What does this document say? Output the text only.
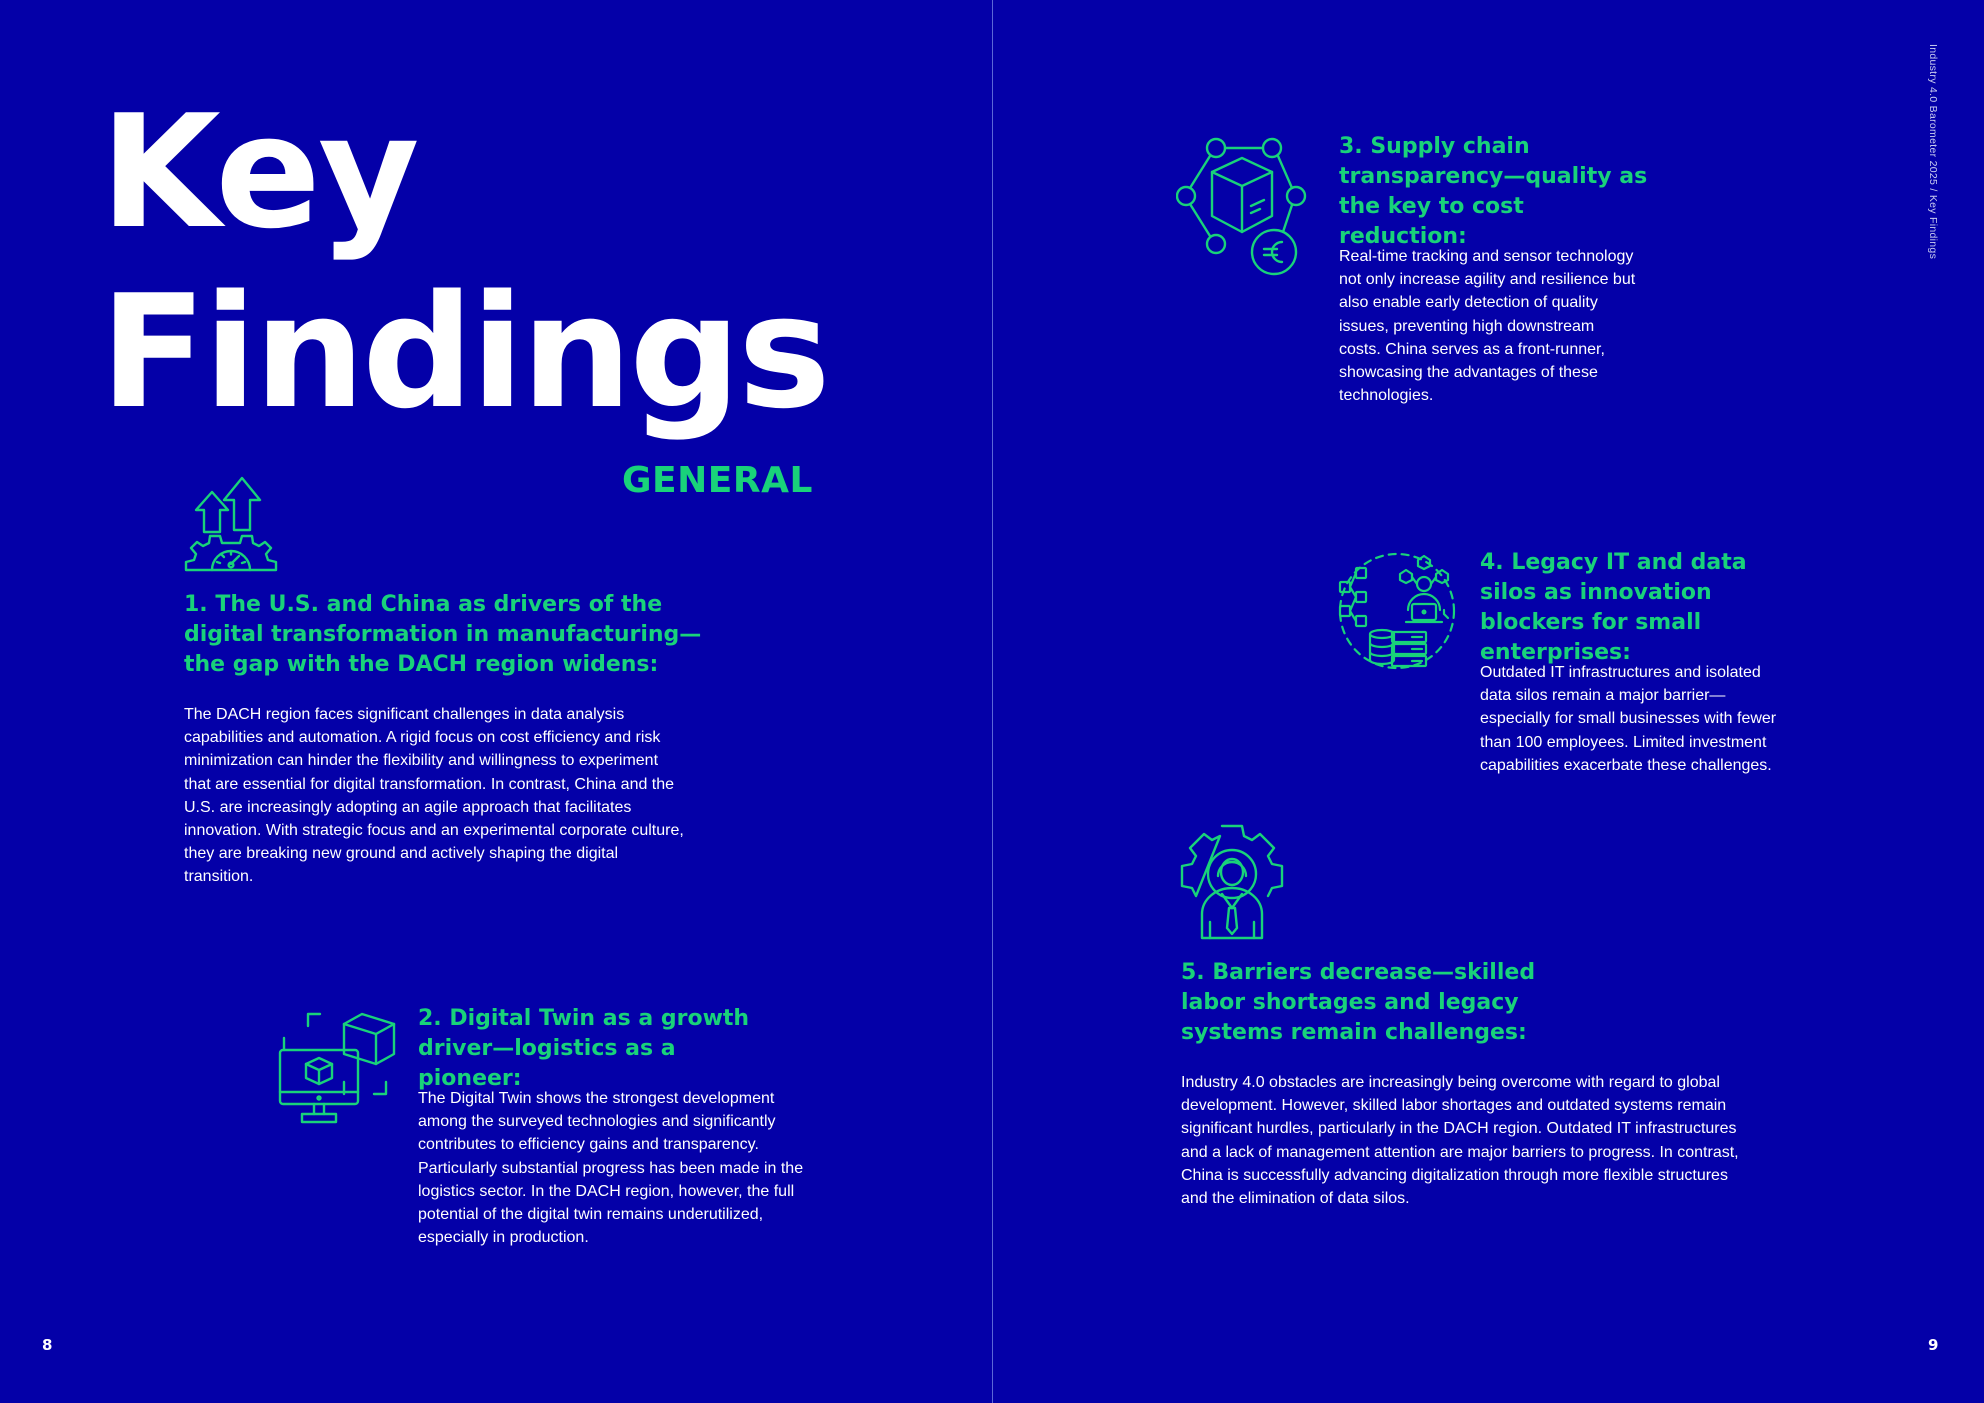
Key
Findings
GENERAL

1. The U.S. and China as drivers of the digital transformation in manufacturing—the gap with the DACH region widens:

The DACH region faces significant challenges in data analysis capabilities and automation. A rigid focus on cost efficiency and risk minimization can hinder the flexibility and willingness to experiment that are essential for digital transformation. In contrast, China and the U.S. are increasingly adopting an agile approach that facilitates innovation. With strategic focus and an experimental corporate culture, they are breaking new ground and actively shaping the digital transition.

2. Digital Twin as a growth driver—logistics as a pioneer:

The Digital Twin shows the strongest development among the surveyed technologies and significantly contributes to efficiency gains and transparency. Particularly substantial progress has been made in the logistics sector. In the DACH region, however, the full potential of the digital twin remains underutilized, especially in production.

8
Industry 4.0 Barometer 2025 / Key Findings

3. Supply chain transparency—quality as the key to cost reduction:

Real-time tracking and sensor technology not only increase agility and resilience but also enable early detection of quality issues, preventing high downstream costs. China serves as a front-runner, showcasing the advantages of these technologies.

4. Legacy IT and data silos as innovation blockers for small enterprises:

Outdated IT infrastructures and isolated data silos remain a major barrier—especially for small businesses with fewer than 100 employees. Limited investment capabilities exacerbate these challenges.

5. Barriers decrease—skilled labor shortages and legacy systems remain challenges:

Industry 4.0 obstacles are increasingly being overcome with regard to global development. However, skilled labor shortages and outdated systems remain significant hurdles, particularly in the DACH region. Outdated IT infrastructures and a lack of management attention are major barriers to progress. In contrast, China is successfully advancing digitalization through more flexible structures and the elimination of data silos.

9
